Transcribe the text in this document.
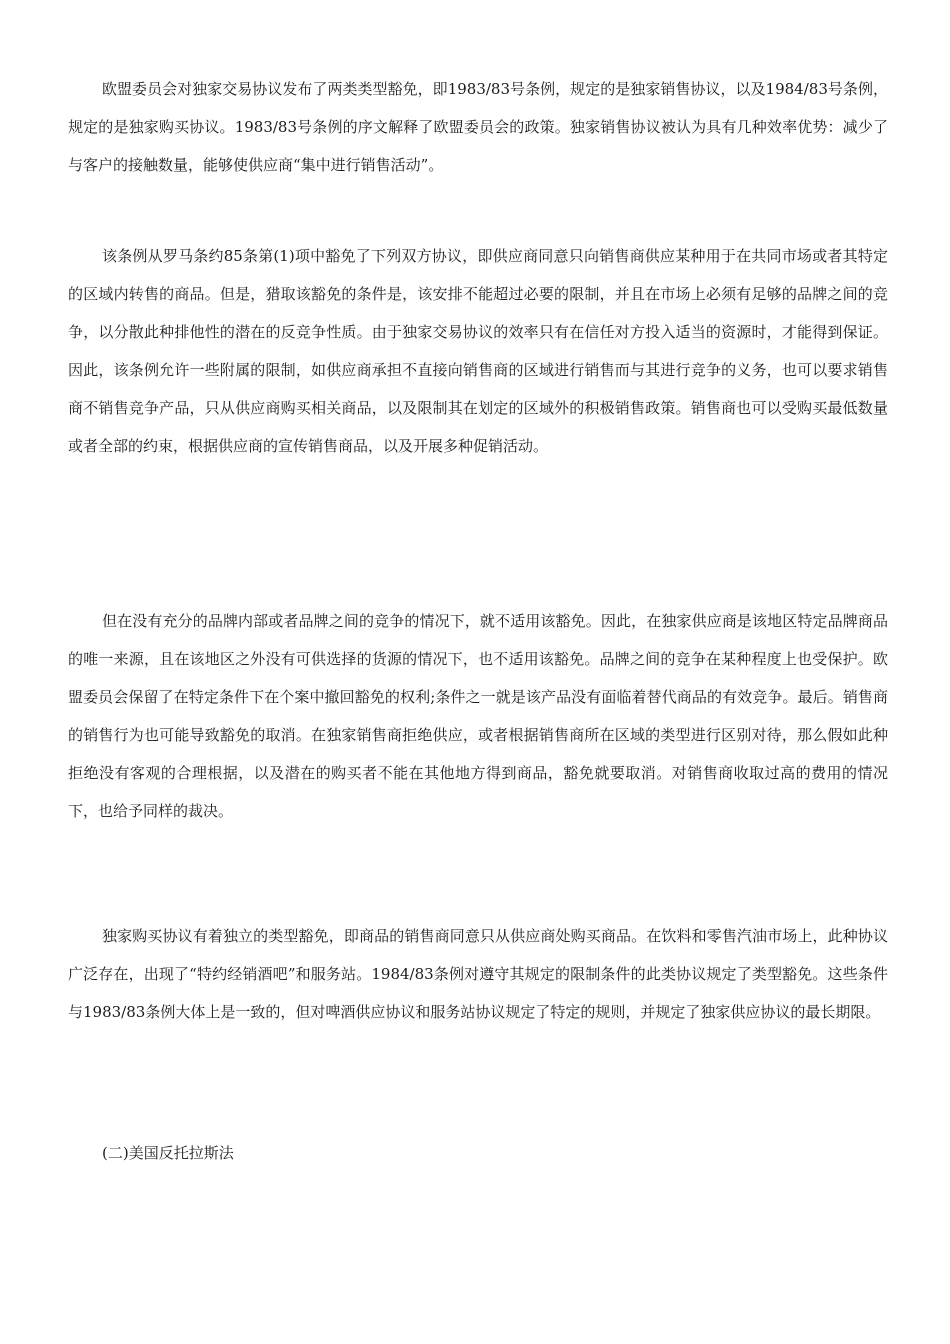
欧盟委员会对独家交易协议发布了两类类型豁免，即1983/83号条例，规定的是独家销售协议，以及1984/83号条例，规定的是独家购买协议。1983/83号条例的序文解释了欧盟委员会的政策。独家销售协议被认为具有几种效率优势：减少了与客户的接触数量，能够使供应商“集中进行销售活动”。

该条例从罗马条约85条第(1)项中豁免了下列双方协议，即供应商同意只向销售商供应某种用于在共同市场或者其特定的区域内转售的商品。但是，猎取该豁免的条件是，该安排不能超过必要的限制，并且在市场上必须有足够的品牌之间的竞争，以分散此种排他性的潜在的反竞争性质。由于独家交易协议的效率只有在信任对方投入适当的资源时，才能得到保证。因此，该条例允许一些附属的限制，如供应商承担不直接向销售商的区域进行销售而与其进行竞争的义务，也可以要求销售商不销售竞争产品，只从供应商购买相关商品，以及限制其在划定的区域外的积极销售政策。销售商也可以受购买最低数量或者全部的约束，根据供应商的宣传销售商品，以及开展多种促销活动。

但在没有充分的品牌内部或者品牌之间的竞争的情况下，就不适用该豁免。因此，在独家供应商是该地区特定品牌商品的唯一来源，且在该地区之外没有可供选择的货源的情况下，也不适用该豁免。品牌之间的竞争在某种程度上也受保护。欧盟委员会保留了在特定条件下在个案中撤回豁免的权利;条件之一就是该产品没有面临着替代商品的有效竞争。最后。销售商的销售行为也可能导致豁免的取消。在独家销售商拒绝供应，或者根据销售商所在区域的类型进行区别对待，那么假如此种拒绝没有客观的合理根据，以及潜在的购买者不能在其他地方得到商品，豁免就要取消。对销售商收取过高的费用的情况下，也给予同样的裁决。

独家购买协议有着独立的类型豁免，即商品的销售商同意只从供应商处购买商品。在饮料和零售汽油市场上，此种协议广泛存在，出现了“特约经销酒吧”和服务站。1984/83条例对遵守其规定的限制条件的此类协议规定了类型豁免。这些条件与1983/83条例大体上是一致的，但对啤酒供应协议和服务站协议规定了特定的规则，并规定了独家供应协议的最长期限。

(二)美国反托拉斯法
